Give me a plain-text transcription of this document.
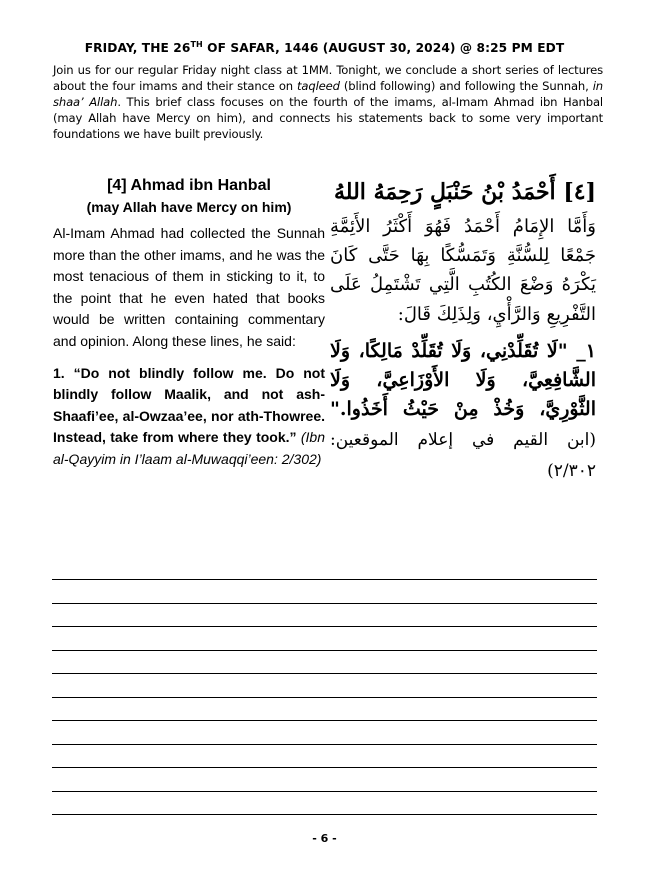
FRIDAY, THE 26TH OF SAFAR, 1446 (AUGUST 30, 2024) @ 8:25 PM EDT
Join us for our regular Friday night class at 1MM. Tonight, we conclude a short series of lectures about the four imams and their stance on taqleed (blind following) and following the Sunnah, in shaa’ Allah. This brief class focuses on the fourth of the imams, al-Imam Ahmad ibn Hanbal (may Allah have Mercy on him), and connects his statements back to some very important foundations we have built previously.

[4] Ahmad ibn Hanbal

(may Allah have Mercy on him)

Al-Imam Ahmad had collected the Sunnah more than the other imams, and he was the most tenacious of them in sticking to it, to the point that he even hated that books would be written containing commentary and opinion. Along these lines, he said:

1. “Do not blindly follow me. Do not blindly follow Maalik, and not ash-Shaafi’ee, al-Owzaa’ee, nor ath-Thowree. Instead, take from where they took.” (Ibn al-Qayyim in I’laam al-Muwaqqi’een: 2/302)

[٤] أَحْمَدُ بْنُ حَنْبَلٍ رَحِمَهُ اللهُ

وَأَمَّا الإِمَامُ أَحْمَدُ فَهُوَ أَكْثَرُ الأَئِمَّةِ جَمْعًا لِلسُّنَّةِ وَتَمَسُّكًا بِهَا حَتَّى كَانَ يَكْرَهُ وَضْعَ الكُتُبِ الَّتِي تَشْتَمِلُ عَلَى التَّفْرِيعِ وَالرَّأْيِ، وَلِذَلِكَ قَالَ:

١_ "لَا تُقَلِّدْنِي، وَلَا تُقَلِّدْ مَالِكًا، وَلَا الشَّافِعِيَّ، وَلَا الأَوْزَاعِيَّ، وَلَا الثَّوْرِيَّ، وَخُذْ مِنْ حَيْثُ أَخَذُوا." (ابن القيم في إعلام الموقعين: ٢/٣٠٢)
- 6 -
